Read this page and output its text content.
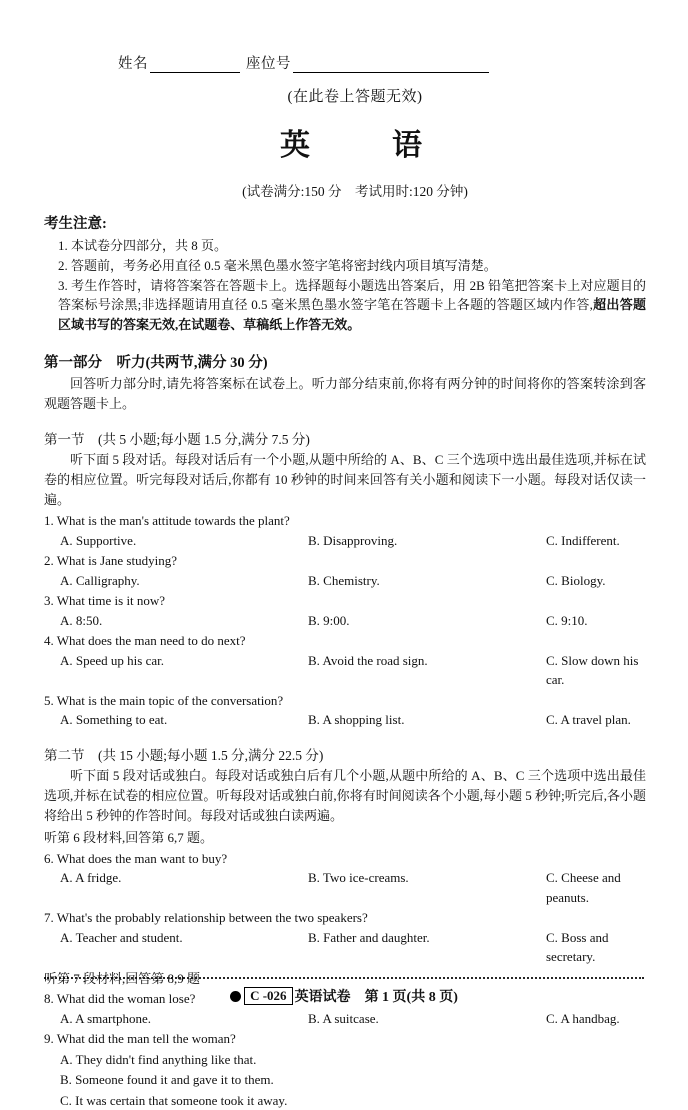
姓名	座位号
(在此卷上答题无效)
英　语
(试卷满分:150 分　考试用时:120 分钟)
考生注意:
1. 本试卷分四部分，共 8 页。
2. 答题前，考务必用直径 0.5 毫米黑色墨水签字笔将密封线内项目填写清楚。
3. 考生作答时，请将答案答在答题卡上。选择题每小题选出答案后，用 2B 铅笔把答案卡上对应题目的答案标号涂黑;非选择题请用直径 0.5 毫米黑色墨水签字笔在答题卡上各题的答题区域内作答,超出答题区域书写的答案无效,在试题卷、草稿纸上作答无效。
第一部分　听力(共两节,满分 30 分)
回答听力部分时,请先将答案标在试卷上。听力部分结束前,你将有两分钟的时间将你的答案转涂到客观题答题卡上。
第一节　(共 5 小题;每小题 1.5 分,满分 7.5 分)
听下面 5 段对话。每段对话后有一个小题,从题中所给的 A、B、C 三个选项中选出最佳选项,并标在试卷的相应位置。听完每段对话后,你都有 10 秒钟的时间来回答有关小题和阅读下一小题。每段对话仅读一遍。
1. What is the man's attitude towards the plant?
A. Supportive.	B. Disapproving.	C. Indifferent.
2. What is Jane studying?
A. Calligraphy.	B. Chemistry.	C. Biology.
3. What time is it now?
A. 8:50.	B. 9:00.	C. 9:10.
4. What does the man need to do next?
A. Speed up his car.	B. Avoid the road sign.	C. Slow down his car.
5. What is the main topic of the conversation?
A. Something to eat.	B. A shopping list.	C. A travel plan.
第二节　(共 15 小题;每小题 1.5 分,满分 22.5 分)
听下面 5 段对话或独白。每段对话或独白后有几个小题,从题中所给的 A、B、C 三个选项中选出最佳选项,并标在试卷的相应位置。听每段对话或独白前,你将有时间阅读各个小题,每小题 5 秒钟;听完后,各小题将给出 5 秒钟的作答时间。每段对话或独白读两遍。
听第 6 段材料,回答第 6,7 题。
6. What does the man want to buy?
A. A fridge.	B. Two ice-creams.	C. Cheese and peanuts.
7. What's the probably relationship between the two speakers?
A. Teacher and student.	B. Father and daughter.	C. Boss and secretary.
听第 7 段材料,回答第 8,9 题
8. What did the woman lose?
A. A smartphone.	B. A suitcase.	C. A handbag.
9. What did the man tell the woman?
A. They didn't find anything like that.
B. Someone found it and gave it to them.
C. It was certain that someone took it away.
C -026 英语试卷 第 1 页(共 8 页)
